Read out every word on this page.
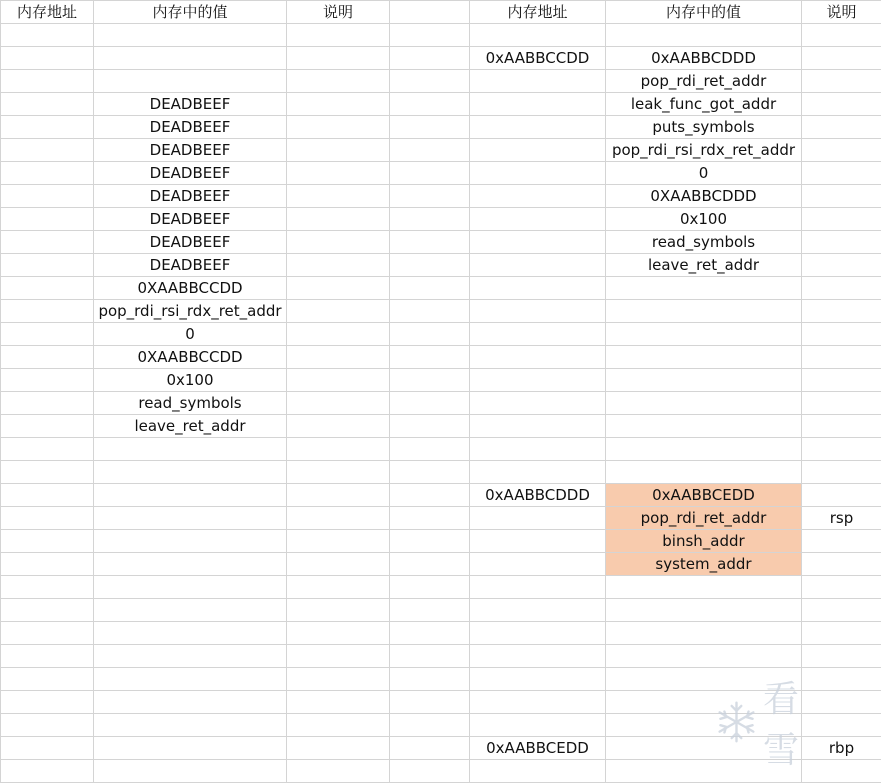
内存地址	内存中的值	说明		内存地址	内存中的值	说明

				0xAABBCCDD	0xAABBCDDD	
					pop_rdi_ret_addr	
	DEADBEEF				leak_func_got_addr	
	DEADBEEF				puts_symbols	
	DEADBEEF				pop_rdi_rsi_rdx_ret_addr	
	DEADBEEF				0	
	DEADBEEF				0XAABBCDDD	
	DEADBEEF				0x100	
	DEADBEEF				read_symbols	
	DEADBEEF				leave_ret_addr	
	0XAABBCCDD					
	pop_rdi_rsi_rdx_ret_addr					
	0					
	0XAABBCCDD					
	0x100					
	read_symbols					
	leave_ret_addr					

				0xAABBCDDD	0xAABBCEDD	
					pop_rdi_ret_addr	rsp
					binsh_addr	
					system_addr	

				0xAABBCEDD		rbp

看雪
